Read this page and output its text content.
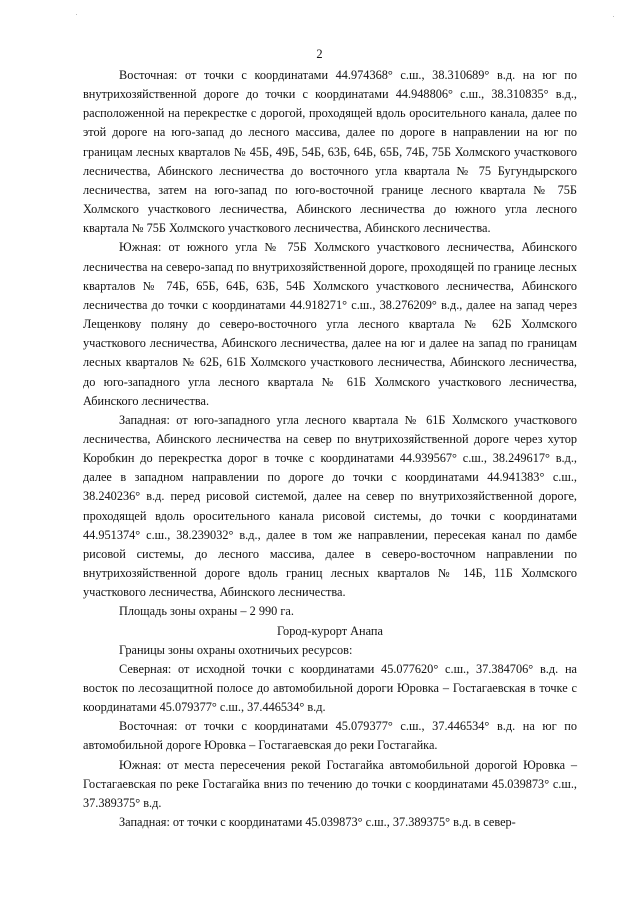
2

Восточная: от точки с координатами 44.974368° с.ш., 38.310689° в.д. на юг по внутрихозяйственной дороге до точки с координатами 44.948806° с.ш., 38.310835° в.д., расположенной на перекрестке с дорогой, проходящей вдоль оросительного канала, далее по этой дороге на юго-запад до лесного массива, далее по дороге в направлении на юг по границам лесных кварталов № 45Б, 49Б, 54Б, 63Б, 64Б, 65Б, 74Б, 75Б Холмского участкового лесничества, Абинского лесничества до восточного угла квартала № 75 Бугундырского лесничества, затем на юго-запад по юго-восточной границе лесного квартала № 75Б Холмского участкового лесничества, Абинского лесничества до южного угла лесного квартала № 75Б Холмского участкового лесничества, Абинского лесничества.

Южная: от южного угла № 75Б Холмского участкового лесничества, Абинского лесничества на северо-запад по внутрихозяйственной дороге, проходящей по границе лесных кварталов № 74Б, 65Б, 64Б, 63Б, 54Б Холмского участкового лесничества, Абинского лесничества до точки с координатами 44.918271° с.ш., 38.276209° в.д., далее на запад через Лещенкову поляну до северо-восточного угла лесного квартала № 62Б Холмского участкового лесничества, Абинского лесничества, далее на юг и далее на запад по границам лесных кварталов № 62Б, 61Б Холмского участкового лесничества, Абинского лесничества, до юго-западного угла лесного квартала № 61Б Холмского участкового лесничества, Абинского лесничества.

Западная: от юго-западного угла лесного квартала № 61Б Холмского участкового лесничества, Абинского лесничества на север по внутрихозяйственной дороге через хутор Коробкин до перекрестка дорог в точке с координатами 44.939567° с.ш., 38.249617° в.д., далее в западном направлении по дороге до точки с координатами 44.941383° с.ш., 38.240236° в.д. перед рисовой системой, далее на север по внутрихозяйственной дороге, проходящей вдоль оросительного канала рисовой системы, до точки с координатами 44.951374° с.ш., 38.239032° в.д., далее в том же направлении, пересекая канал по дамбе рисовой системы, до лесного массива, далее в северо-восточном направлении по внутрихозяйственной дороге вдоль границ лесных кварталов № 14Б, 11Б Холмского участкового лесничества, Абинского лесничества.

Площадь зоны охраны – 2 990 га.

Город-курорт Анапа

Границы зоны охраны охотничьих ресурсов:

Северная: от исходной точки с координатами 45.077620° с.ш., 37.384706° в.д. на восток по лесозащитной полосе до автомобильной дороги Юровка – Гостагаевская в точке с координатами 45.079377° с.ш., 37.446534° в.д.

Восточная: от точки с координатами 45.079377° с.ш., 37.446534° в.д. на юг по автомобильной дороге Юровка – Гостагаевская до реки Гостагайка.

Южная: от места пересечения рекой Гостагайка автомобильной дорогой Юровка – Гостагаевская по реке Гостагайка вниз по течению до точки с координатами 45.039873° с.ш., 37.389375° в.д.

Западная: от точки с координатами 45.039873° с.ш., 37.389375° в.д. в север-
